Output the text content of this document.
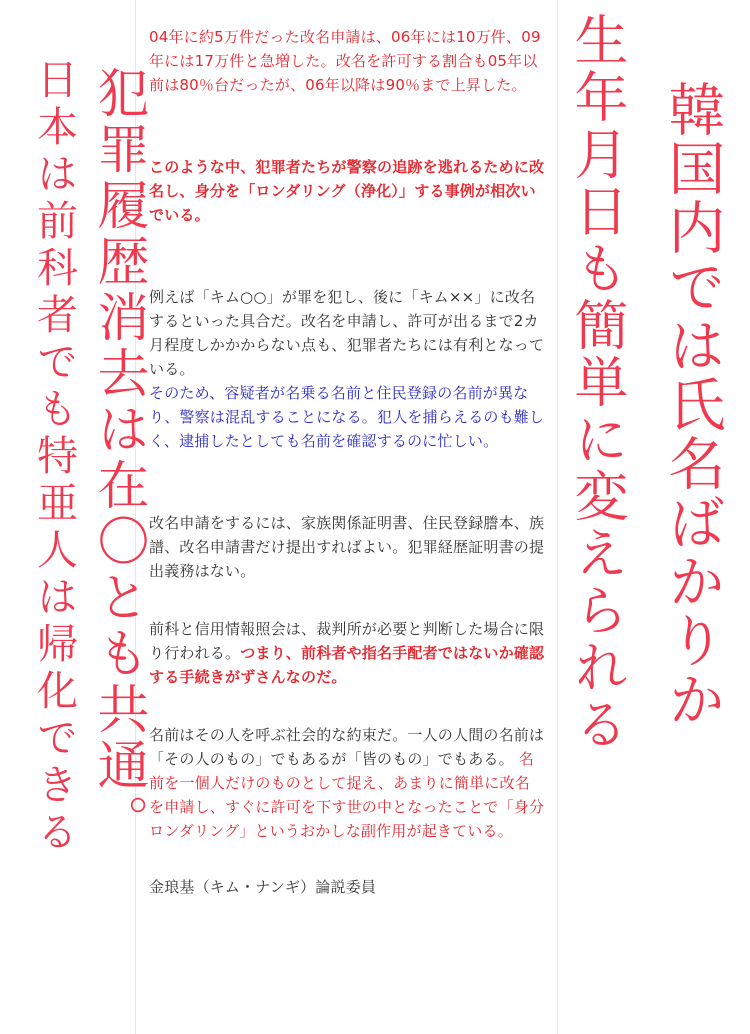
日本は前科者でも特亜人は帰化できる 犯罪履歴消去は在〇とも共通。	生年月日も簡単に変えられる 韓国内では氏名ばかりか

04年に約5万件だった改名申請は、06年には10万件、09年には17万件と急増した。改名を許可する割合も05年以前は80％台だったが、06年以降は90％まで上昇した。

このような中、犯罪者たちが警察の追跡を逃れるために改名し、身分を「ロンダリング（浄化）」する事例が相次いでいる。

例えば「キム○○」が罪を犯し、後に「キム××」に改名するといった具合だ。改名を申請し、許可が出るまで2カ月程度しかかからない点も、犯罪者たちには有利となっている。

そのため、容疑者が名乗る名前と住民登録の名前が異なり、警察は混乱することになる。犯人を捕らえるのも難しく、逮捕したとしても名前を確認するのに忙しい。

改名申請をするには、家族関係証明書、住民登録謄本、族譜、改名申請書だけ提出すればよい。犯罪経歴証明書の提出義務はない。

前科と信用情報照会は、裁判所が必要と判断した場合に限り行われる。つまり、前科者や指名手配者ではないか確認する手続きがずさんなのだ。

名前はその人を呼ぶ社会的な約束だ。一人の人間の名前は「その人のもの」でもあるが「皆のもの」でもある。 名前を一個人だけのものとして捉え、あまりに簡単に改名を申請し、すぐに許可を下す世の中となったことで「身分ロンダリング」というおかしな副作用が起きている。

金琅基（キム・ナンギ）論説委員
